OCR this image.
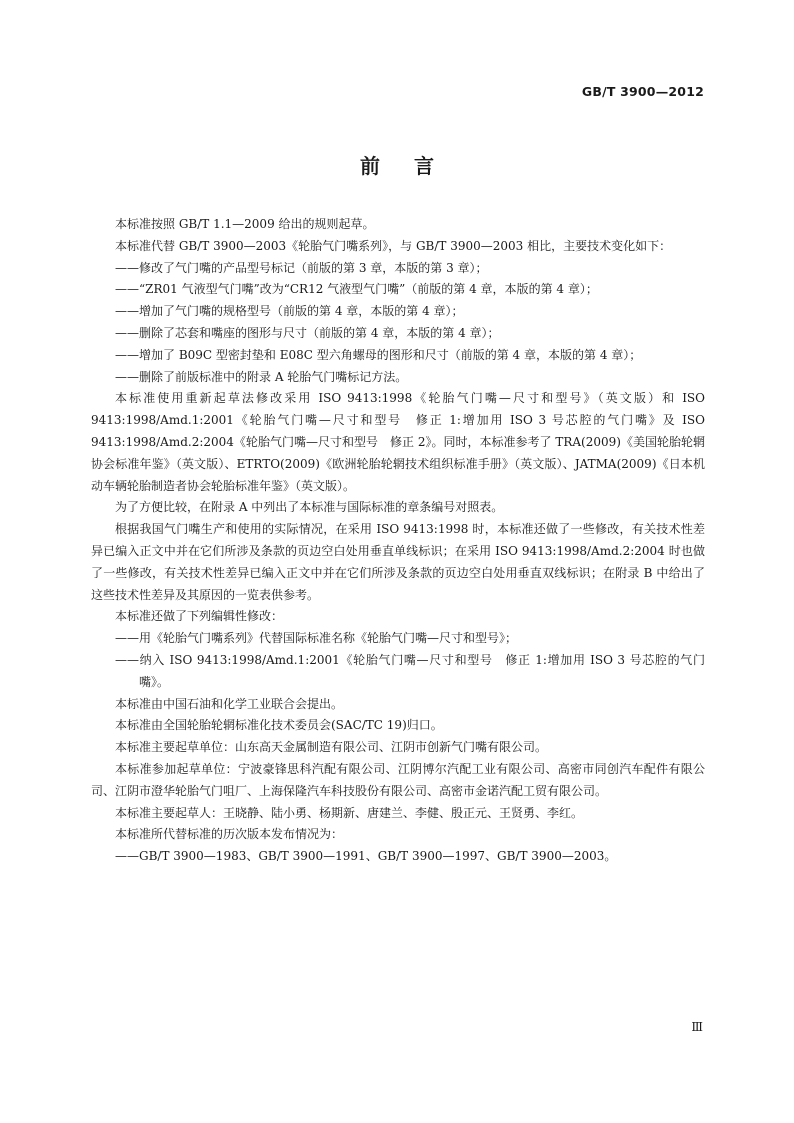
GB/T 3900—2012
前言

本标准按照 GB/T 1.1—2009 给出的规则起草。

本标准代替 GB/T 3900—2003《轮胎气门嘴系列》，与 GB/T 3900—2003 相比，主要技术变化如下：

——修改了气门嘴的产品型号标记（前版的第 3 章，本版的第 3 章）；

——“ZR01 气液型气门嘴”改为“CR12 气液型气门嘴”（前版的第 4 章，本版的第 4 章）；

——增加了气门嘴的规格型号（前版的第 4 章，本版的第 4 章）；

——删除了芯套和嘴座的图形与尺寸（前版的第 4 章，本版的第 4 章）；

——增加了 B09C 型密封垫和 E08C 型六角螺母的图形和尺寸（前版的第 4 章，本版的第 4 章）；

——删除了前版标准中的附录 A 轮胎气门嘴标记方法。

本标准使用重新起草法修改采用 ISO 9413:1998《轮胎气门嘴—尺寸和型号》（英文版）和 ISO 9413:1998/Amd.1:2001《轮胎气门嘴—尺寸和型号　修正 1:增加用 ISO 3 号芯腔的气门嘴》及 ISO 9413:1998/Amd.2:2004《轮胎气门嘴—尺寸和型号　修正 2》。同时，本标准参考了 TRA(2009)《美国轮胎轮辋协会标准年鉴》（英文版）、ETRTO(2009)《欧洲轮胎轮辋技术组织标准手册》（英文版）、JATMA(2009)《日本机动车辆轮胎制造者协会轮胎标准年鉴》（英文版）。

为了方便比较，在附录 A 中列出了本标准与国际标准的章条编号对照表。

根据我国气门嘴生产和使用的实际情况，在采用 ISO 9413:1998 时，本标准还做了一些修改，有关技术性差异已编入正文中并在它们所涉及条款的页边空白处用垂直单线标识；在采用 ISO 9413:1998/Amd.2:2004 时也做了一些修改，有关技术性差异已编入正文中并在它们所涉及条款的页边空白处用垂直双线标识；在附录 B 中给出了这些技术性差异及其原因的一览表供参考。

本标准还做了下列编辑性修改：

——用《轮胎气门嘴系列》代替国际标准名称《轮胎气门嘴—尺寸和型号》；

——纳入 ISO 9413:1998/Amd.1:2001《轮胎气门嘴—尺寸和型号　修正 1:增加用 ISO 3 号芯腔的气门嘴》。

本标准由中国石油和化学工业联合会提出。

本标准由全国轮胎轮辋标准化技术委员会(SAC/TC 19)归口。

本标准主要起草单位：山东高天金属制造有限公司、江阴市创新气门嘴有限公司。

本标准参加起草单位：宁波豪锋思科汽配有限公司、江阴博尔汽配工业有限公司、高密市同创汽车配件有限公司、江阴市澄华轮胎气门咀厂、上海保隆汽车科技股份有限公司、高密市金诺汽配工贸有限公司。

本标准主要起草人：王晓静、陆小勇、杨期新、唐建兰、李健、殷正元、王贤勇、李红。

本标准所代替标准的历次版本发布情况为：

——GB/T 3900—1983、GB/T 3900—1991、GB/T 3900—1997、GB/T 3900—2003。

Ⅲ
